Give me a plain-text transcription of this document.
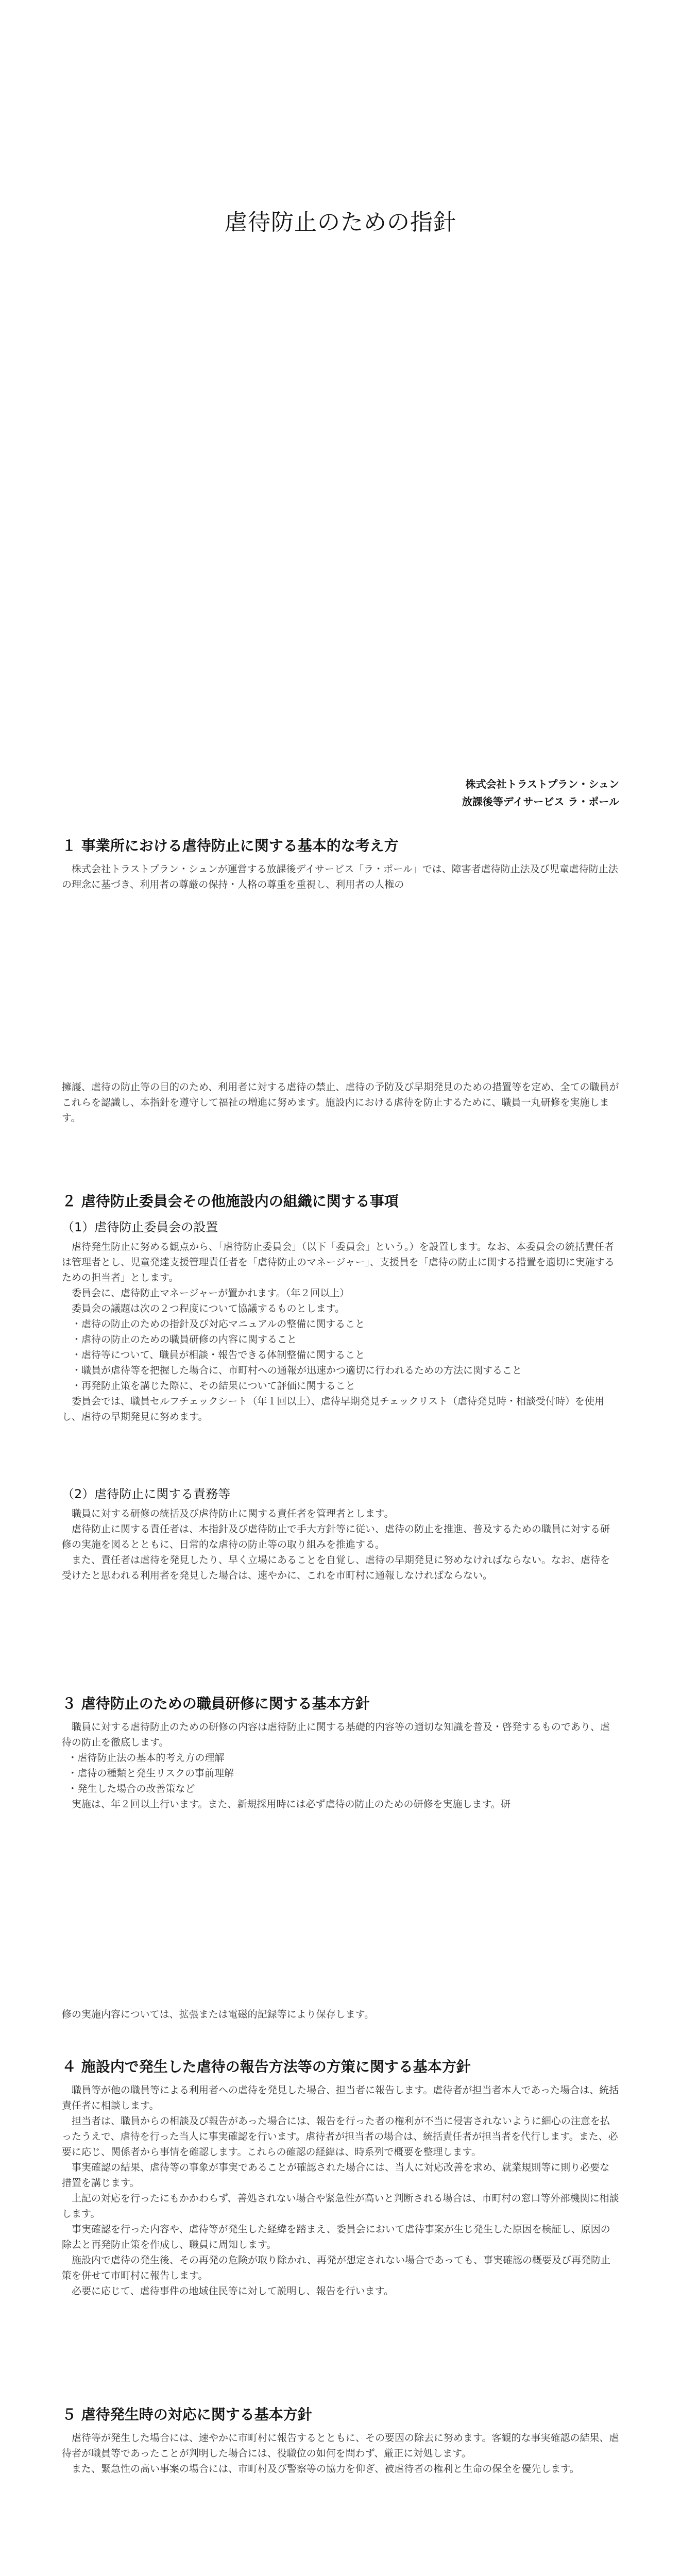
虐待防止のための指針
株式会社トラストプラン・シュン
放課後等デイサービス ラ・ポール
１ 事業所における虐待防止に関する基本的な考え方

株式会社トラストプラン・シュンが運営する放課後デイサービス「ラ・ポール」では、障害者虐待防止法及び児童虐待防止法の理念に基づき、利用者の尊厳の保持・人格の尊重を重視し、利用者の人権の

擁護、虐待の防止等の目的のため、利用者に対する虐待の禁止、虐待の予防及び早期発見のための措置等を定め、全ての職員がこれらを認識し、本指針を遵守して福祉の増進に努めます。施設内における虐待を防止するために、職員一丸研修を実施します。

２ 虐待防止委員会その他施設内の組織に関する事項
（1）虐待防止委員会の設置

虐待発生防止に努める観点から、「虐待防止委員会」（以下「委員会」という。）を設置します。なお、本委員会の統括責任者は管理者とし、児童発達支援管理責任者を「虐待防止のマネージャー」、支援員を「虐待の防止に関する措置を適切に実施するための担当者」とします。

委員会に、虐待防止マネージャーが置かれます。（年２回以上）

委員会の議題は次の２つ程度について協議するものとします。

・虐待の防止のための指針及び対応マニュアルの整備に関すること

・虐待の防止のための職員研修の内容に関すること

・虐待等について、職員が相談・報告できる体制整備に関すること

・職員が虐待等を把握した場合に、市町村への通報が迅速かつ適切に行われるための方法に関すること

・再発防止策を講じた際に、その結果について評価に関すること

委員会では、職員セルフチェックシート（年１回以上）、虐待早期発見チェックリスト（虐待発見時・相談受付時）を使用し、虐待の早期発見に努めます。

（2）虐待防止に関する責務等

職員に対する研修の統括及び虐待防止に関する責任者を管理者とします。

虐待防止に関する責任者は、本指針及び虐待防止で手大方針等に従い、虐待の防止を推進、普及するための職員に対する研修の実施を図るとともに、日常的な虐待の防止等の取り組みを推進する。

また、責任者は虐待を発見したり、早く立場にあることを自覚し、虐待の早期発見に努めなければならない。なお、虐待を受けたと思われる利用者を発見した場合は、速やかに、これを市町村に通報しなければならない。

３ 虐待防止のための職員研修に関する基本方針

職員に対する虐待防止のための研修の内容は虐待防止に関する基礎的内容等の適切な知識を普及・啓発するものであり、虐待の防止を徹底します。

・虐待防止法の基本的考え方の理解

・虐待の種類と発生リスクの事前理解

・発生した場合の改善策など

実施は、年２回以上行います。また、新規採用時には必ず虐待の防止のための研修を実施します。研

修の実施内容については、拡張または電磁的記録等により保存します。

４ 施設内で発生した虐待の報告方法等の方策に関する基本方針

職員等が他の職員等による利用者への虐待を発見した場合、担当者に報告します。虐待者が担当者本人であった場合は、統括責任者に相談します。

担当者は、職員からの相談及び報告があった場合には、報告を行った者の権利が不当に侵害されないように細心の注意を払ったうえで、虐待を行った当人に事実確認を行います。虐待者が担当者の場合は、統括責任者が担当者を代行します。また、必要に応じ、関係者から事情を確認します。これらの確認の経緯は、時系列で概要を整理します。

事実確認の結果、虐待等の事象が事実であることが確認された場合には、当人に対応改善を求め、就業規則等に則り必要な措置を講じます。

上記の対応を行ったにもかかわらず、善処されない場合や緊急性が高いと判断される場合は、市町村の窓口等外部機関に相談します。

事実確認を行った内容や、虐待等が発生した経緯を踏まえ、委員会において虐待事案が生じ発生した原因を検証し、原因の除去と再発防止策を作成し、職員に周知します。

施設内で虐待の発生後、その再発の危険が取り除かれ、再発が想定されない場合であっても、事実確認の概要及び再発防止策を併せて市町村に報告します。

必要に応じて、虐待事件の地域住民等に対して説明し、報告を行います。

５ 虐待発生時の対応に関する基本方針

虐待等が発生した場合には、速やかに市町村に報告するとともに、その要因の除去に努めます。客観的な事実確認の結果、虐待者が職員等であったことが判明した場合には、役職位の如何を問わず、厳正に対処します。

また、緊急性の高い事案の場合には、市町村及び警察等の協力を仰ぎ、被虐待者の権利と生命の保全を優先します。
